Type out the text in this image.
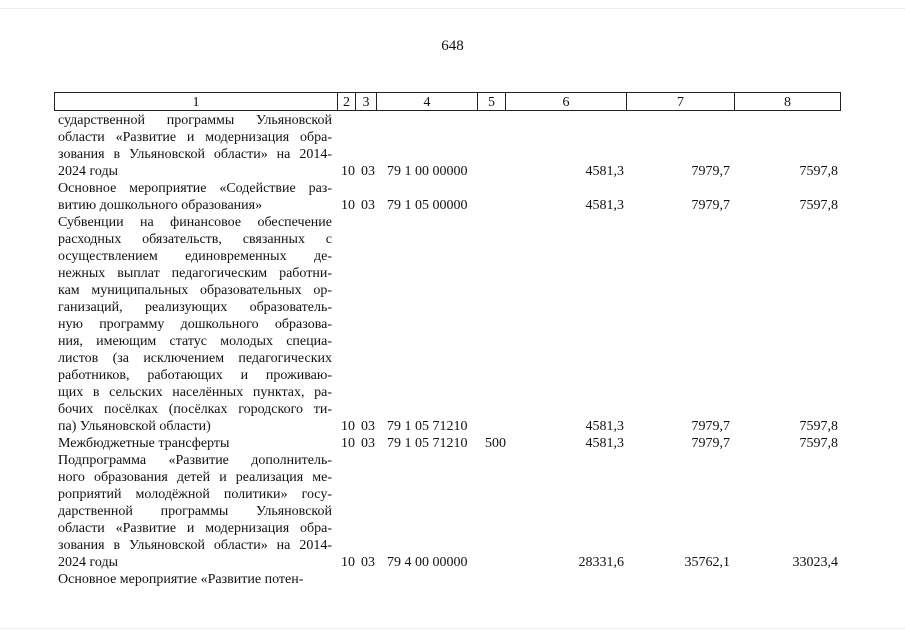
648
1	2 3	4	5	6	7	8
сударственной программы Ульяновской
области «Развитие и модернизация обра-
зования в Ульяновской области» на 2014-
2024 годы	10 03 79 1 00 00000	4581,3	7979,7	7597,8
Основное мероприятие «Содействие раз-
витию дошкольного образования»	10 03 79 1 05 00000	4581,3	7979,7	7597,8
Субвенции на финансовое обеспечение
расходных обязательств, связанных с
осуществлением единовременных де-
нежных выплат педагогическим работни-
кам муниципальных образовательных ор-
ганизаций, реализующих образователь-
ную программу дошкольного образова-
ния, имеющим статус молодых специа-
листов (за исключением педагогических
работников, работающих и проживаю-
щих в сельских населённых пунктах, ра-
бочих посёлках (посёлках городского ти-
па) Ульяновской области)	10 03 79 1 05 71210	4581,3	7979,7	7597,8
Межбюджетные трансферты	10 03 79 1 05 71210 500	4581,3	7979,7	7597,8
Подпрограмма «Развитие дополнитель-
ного образования детей и реализация ме-
роприятий молодёжной политики» госу-
дарственной программы Ульяновской
области «Развитие и модернизация обра-
зования в Ульяновской области» на 2014-
2024 годы	10 03 79 4 00 00000	28331,6	35762,1	33023,4
Основное мероприятие «Развитие потен-
